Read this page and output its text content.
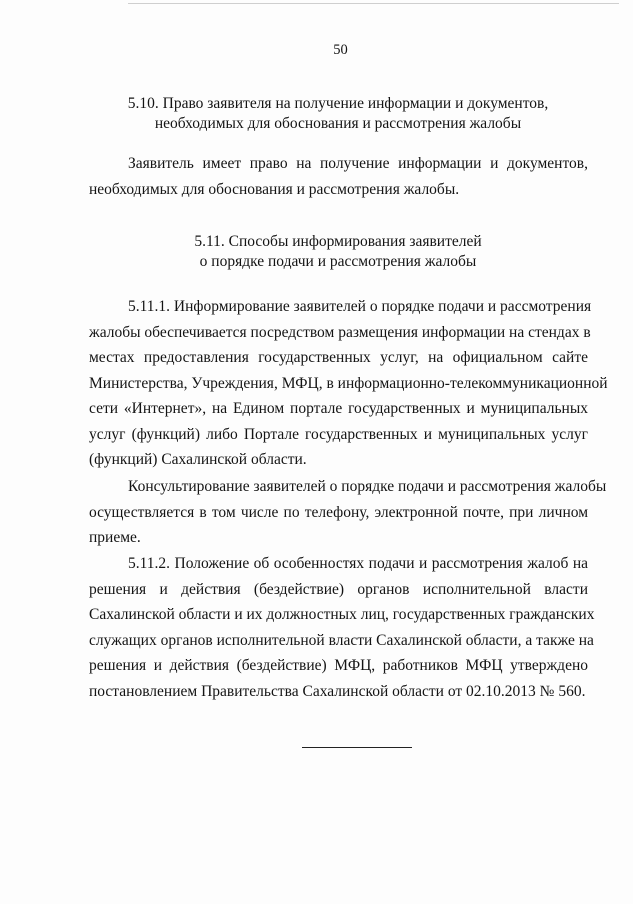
50
5.10. Право заявителя на получение информации и документов,
необходимых для обоснования и рассмотрения жалобы
Заявитель имеет право на получение информации и документов,
необходимых для обоснования и рассмотрения жалобы.
5.11. Способы информирования заявителей
о порядке подачи и рассмотрения жалобы
5.11.1. Информирование заявителей о порядке подачи и рассмотрения
жалобы обеспечивается посредством размещения информации на стендах в
местах предоставления государственных услуг, на официальном сайте
Министерства, Учреждения, МФЦ, в информационно-телекоммуникационной
сети «Интернет», на Едином портале государственных и муниципальных
услуг (функций) либо Портале государственных и муниципальных услуг
(функций) Сахалинской области.
Консультирование заявителей о порядке подачи и рассмотрения жалобы
осуществляется в том числе по телефону, электронной почте, при личном
приеме.
5.11.2. Положение об особенностях подачи и рассмотрения жалоб на
решения и действия (бездействие) органов исполнительной власти
Сахалинской области и их должностных лиц, государственных гражданских
служащих органов исполнительной власти Сахалинской области, а также на
решения и действия (бездействие) МФЦ, работников МФЦ утверждено
постановлением Правительства Сахалинской области от 02.10.2013 № 560.
